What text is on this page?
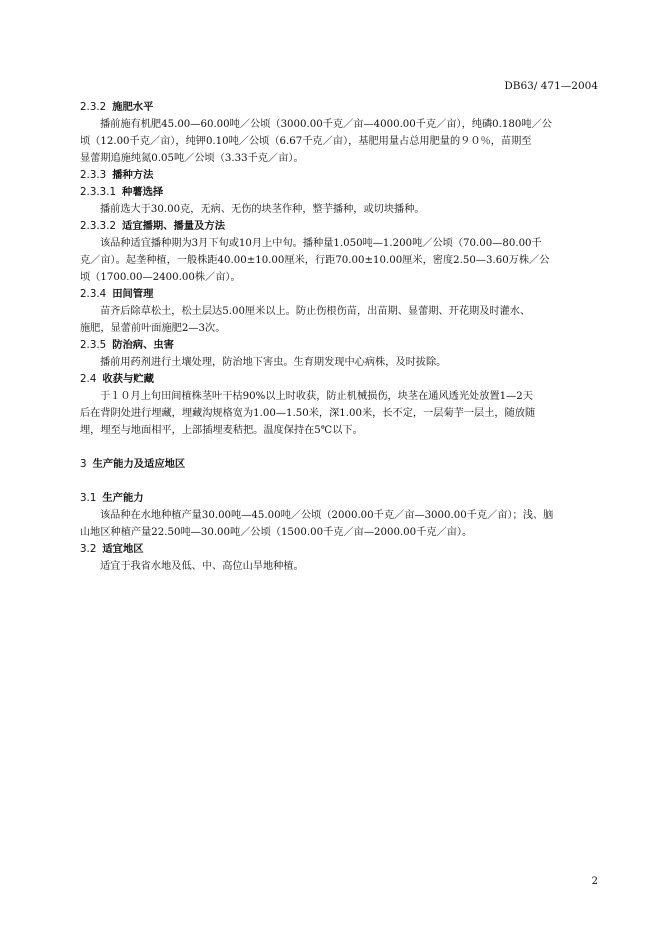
DB63/ 471—2004
2.3.2 施肥水平
播前施有机肥45.00—60.00吨／公顷（3000.00千克／亩—4000.00千克／亩），纯磷0.180吨／公
顷（12.00千克／亩），纯钾0.10吨／公顷（6.67千克／亩），基肥用量占总用肥量的９０％，苗期至
显蕾期追施纯氮0.05吨／公顷（3.33千克／亩）。
2.3.3 播种方法
2.3.3.1 种薯选择
播前选大于30.00克，无病、无伤的块茎作种，整芋播种，或切块播种。
2.3.3.2 适宜播期、播量及方法
该品种适宜播种期为3月下旬或10月上中旬。播种量1.050吨—1.200吨／公顷（70.00—80.00千
克／亩）。起垄种植，一般株距40.00±10.00厘米，行距70.00±10.00厘米，密度2.50—3.60万株／公
顷（1700.00—2400.00株／亩）。
2.3.4 田间管理
苗齐后除草松土，松土层达5.00厘米以上。防止伤根伤苗，出苗期、显蕾期、开花期及时灌水、
施肥，显蕾前叶面施肥2—3次。
2.3.5 防治病、虫害
播前用药剂进行土壤处理，防治地下害虫。生育期发现中心病株，及时拔除。
2.4 收获与贮藏
于１０月上旬田间植株茎叶干枯90%以上时收获，防止机械损伤，块茎在通风透光处放置1—2天
后在背阴处进行埋藏，埋藏沟规格宽为1.00—1.50米，深1.00米，长不定，一层菊芋一层土，随放随
埋，埋至与地面相平，上部插埋麦秸把。温度保持在5℃以下。
3 生产能力及适应地区
3.1 生产能力
该品种在水地种植产量30.00吨—45.00吨／公顷（2000.00千克／亩—3000.00千克／亩）；浅、脑
山地区种植产量22.50吨—30.00吨／公顷（1500.00千克／亩—2000.00千克／亩）。
3.2 适宜地区
适宜于我省水地及低、中、高位山旱地种植。
2
